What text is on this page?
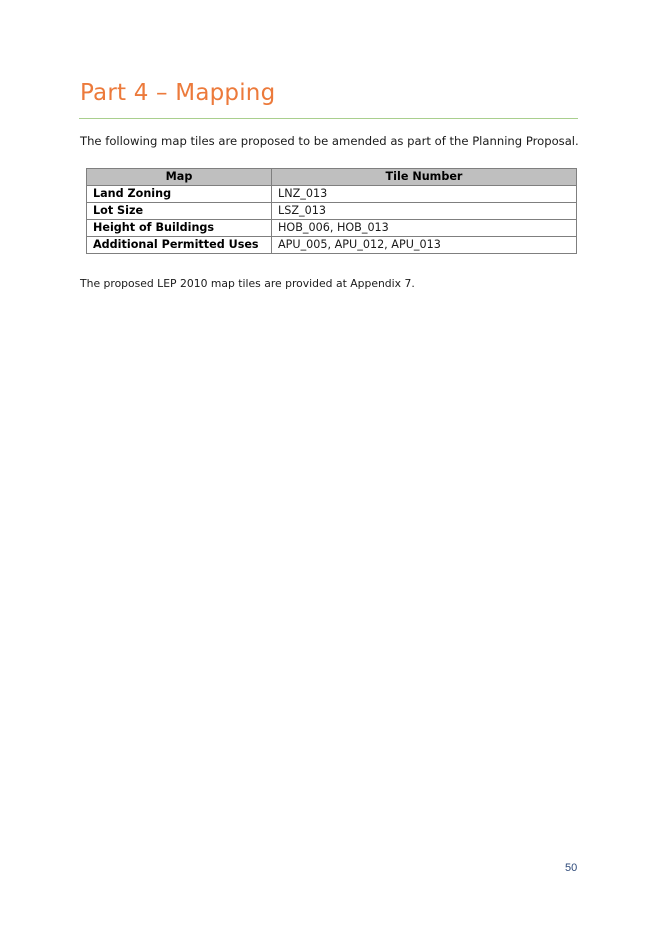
Part 4 – Mapping

The following map tiles are proposed to be amended as part of the Planning Proposal.

Map	Tile Number
Land Zoning	LNZ_013
Lot Size	LSZ_013
Height of Buildings	HOB_006, HOB_013
Additional Permitted Uses	APU_005, APU_012, APU_013

The proposed LEP 2010 map tiles are provided at Appendix 7.

50
